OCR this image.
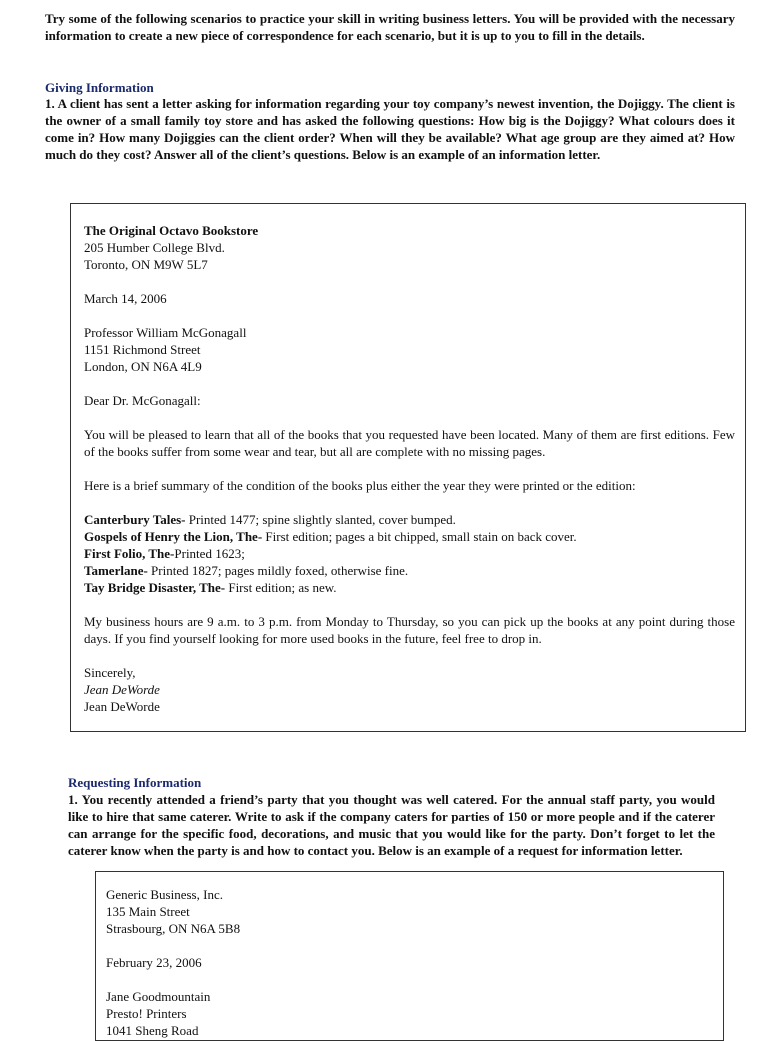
Try some of the following scenarios to practice your skill in writing business letters. You will be provided with the necessary information to create a new piece of correspondence for each scenario, but it is up to you to fill in the details.

Giving Information

1. A client has sent a letter asking for information regarding your toy company’s newest invention, the Dojiggy. The client is the owner of a small family toy store and has asked the following questions: How big is the Dojiggy? What colours does it come in? How many Dojiggies can the client order? When will they be available? What age group are they aimed at? How much do they cost? Answer all of the client’s questions. Below is an example of an information letter.

The Original Octavo Bookstore
205 Humber College Blvd.
Toronto, ON M9W 5L7
March 14, 2006
Professor William McGonagall
1151 Richmond Street
London, ON N6A 4L9
Dear Dr. McGonagall:
You will be pleased to learn that all of the books that you requested have been located. Many of them are first editions. Few of the books suffer from some wear and tear, but all are complete with no missing pages.
Here is a brief summary of the condition of the books plus either the year they were printed or the edition:
Canterbury Tales- Printed 1477; spine slightly slanted, cover bumped.
Gospels of Henry the Lion, The- First edition; pages a bit chipped, small stain on back cover.
First Folio, The-Printed 1623;
Tamerlane- Printed 1827; pages mildly foxed, otherwise fine.
Tay Bridge Disaster, The- First edition; as new.
My business hours are 9 a.m. to 3 p.m. from Monday to Thursday, so you can pick up the books at any point during those days. If you find yourself looking for more used books in the future, feel free to drop in.
Sincerely,
Jean DeWorde
Jean DeWorde

Requesting Information

1. You recently attended a friend’s party that you thought was well catered. For the annual staff party, you would like to hire that same caterer. Write to ask if the company caters for parties of 150 or more people and if the caterer can arrange for the specific food, decorations, and music that you would like for the party. Don’t forget to let the caterer know when the party is and how to contact you. Below is an example of a request for information letter.

Generic Business, Inc.
135 Main Street
Strasbourg, ON N6A 5B8
February 23, 2006
Jane Goodmountain
Presto! Printers
1041 Sheng Road
